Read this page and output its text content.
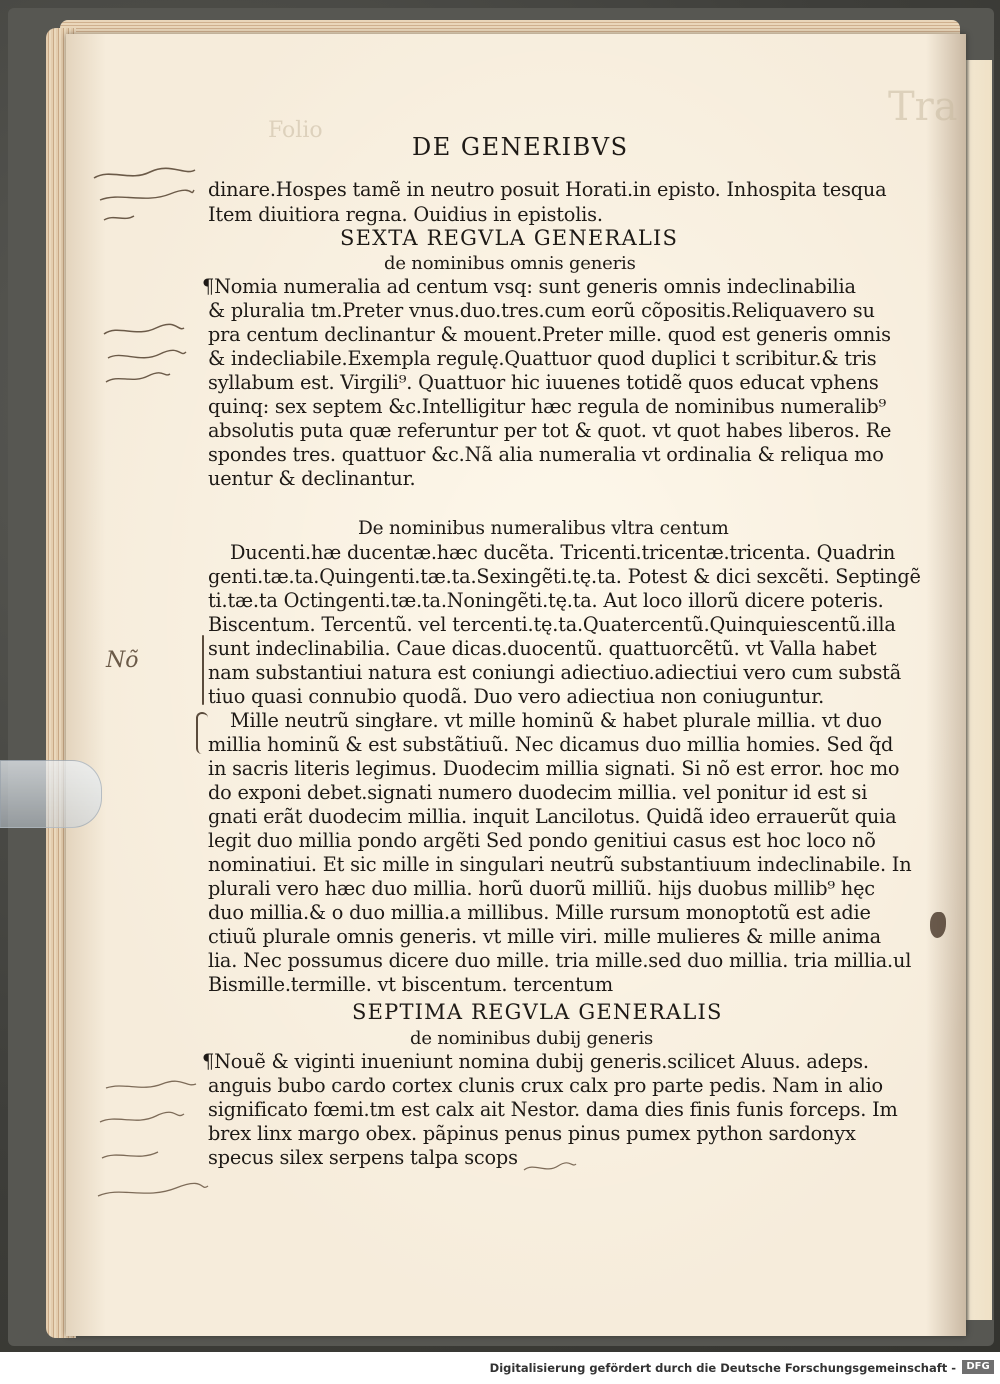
Folio
Tra
DE GENERIBVS
dinare.Hospes tamẽ in neutro posuit Horati.in episto. Inhospita tesqua
Item diuitiora regna. Ouidius in epistolis.
SEXTA REGVLA GENERALIS
de nominibus omnis generis
¶Nomia numeralia ad centum vsq: sunt generis omnis indeclinabilia
& pluralia tm.Preter vnus.duo.tres.cum eorũ cõpositis.Reliquavero su
pra centum declinantur & mouent.Preter mille. quod est generis omnis
& indecliabile.Exempla regulę.Quattuor quod duplici t scribitur.& tris
syllabum est. Virgili⁹. Quattuor hic iuuenes totidẽ quos educat vphens
quinq: sex septem &c.Intelligitur hæc regula de nominibus numeralib⁹
absolutis puta quæ referuntur per tot & quot. vt quot habes liberos. Re
spondes tres. quattuor &c.Nã alia numeralia vt ordinalia & reliqua mo
uentur & declinantur.
De nominibus numeralibus vltra centum
Ducenti.hæ ducentæ.hæc ducẽta. Tricenti.tricentæ.tricenta. Quadrin
genti.tæ.ta.Quingenti.tæ.ta.Sexingẽti.tę.ta. Potest & dici sexcẽti. Septingẽ
ti.tæ.ta Octingenti.tæ.ta.Noningẽti.tę.ta. Aut loco illorũ dicere poteris.
Biscentum. Tercentũ. vel tercenti.tę.ta.Quatercentũ.Quinquiescentũ.illa
sunt indeclinabilia. Caue dicas.duocentũ. quattuorcẽtũ. vt Valla habet
nam substantiui natura est coniungi adiectiuo.adiectiui vero cum substã
tiuo quasi connubio quodã. Duo vero adiectiua non coniuguntur.
Mille neutrũ singłare. vt mille hominũ & habet plurale millia. vt duo
millia hominũ & est substãtiuũ. Nec dicamus duo millia homies. Sed q̃d
in sacris literis legimus. Duodecim millia signati. Si nõ est error. hoc mo
do exponi debet.signati numero duodecim millia. vel ponitur id est si
gnati erãt duodecim millia. inquit Lancilotus. Quidã ideo errauerũt quia
legit duo millia pondo argẽti Sed pondo genitiui casus est hoc loco nõ
nominatiui. Et sic mille in singulari neutrũ substantiuum indeclinabile. In
plurali vero hæc duo millia. horũ duorũ milliũ. hijs duobus millib⁹ hęc
duo millia.& o duo millia.a millibus. Mille rursum monoptotũ est adie
ctiuũ plurale omnis generis. vt mille viri. mille mulieres & mille anima
lia. Nec possumus dicere duo mille. tria mille.sed duo millia. tria millia.ul
Bismille.termille. vt biscentum. tercentum
SEPTIMA REGVLA GENERALIS
de nominibus dubij generis
¶Nouẽ & viginti inueniunt nomina dubij generis.scilicet Aluus. adeps.
anguis bubo cardo cortex clunis crux calx pro parte pedis. Nam in alio
significato fœmi.tm est calx ait Nestor. dama dies finis funis forceps. Im
brex linx margo obex. pãpinus penus pinus pumex python sardonyx
specus silex serpens talpa scops
Nõ
Digitalisierung gefördert durch die Deutsche Forschungsgemeinschaft -	DFG
